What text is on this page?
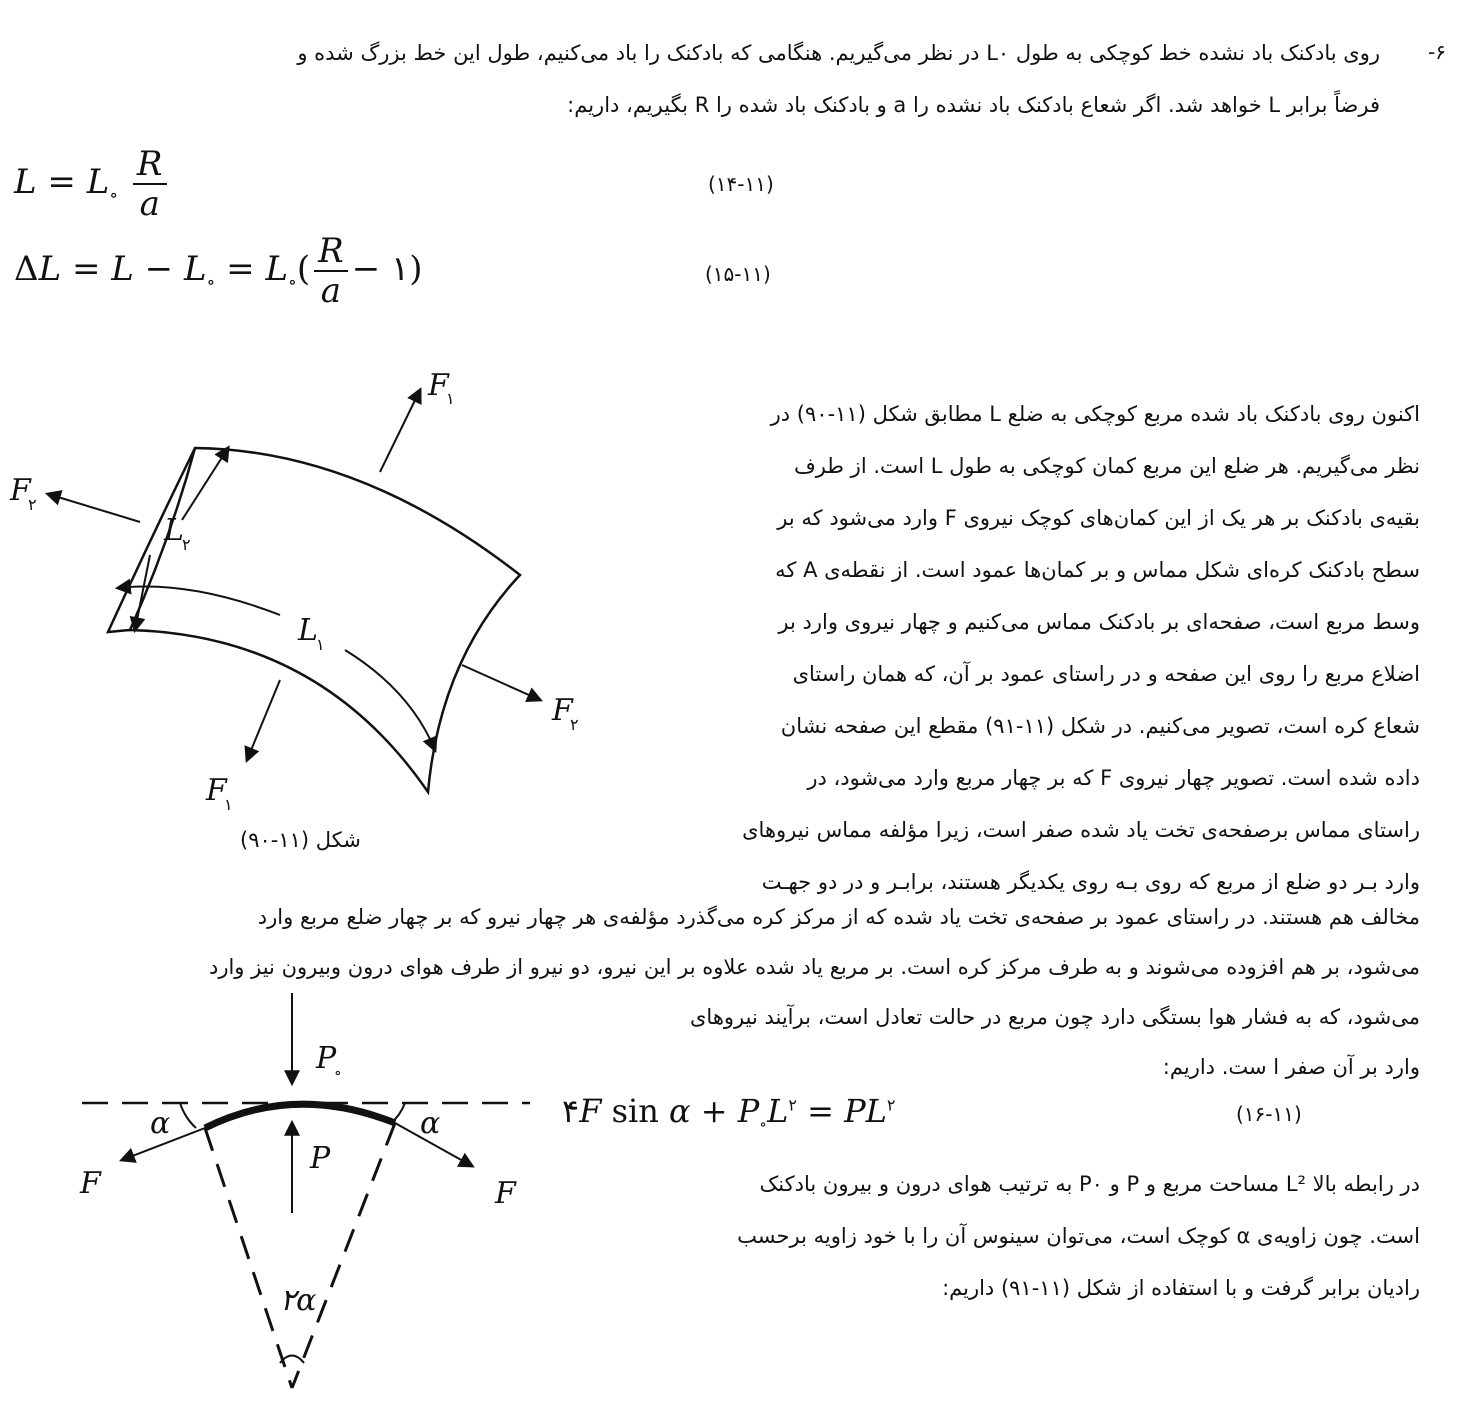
-۶
روی بادکنک باد نشده خط کوچکی به طول L۰ در نظر می‌گیریم. هنگامی که بادکنک را باد می‌کنیم، طول این خط بزرگ شده و
فرضاً برابر L خواهد شد. اگر شعاع بادکنک باد نشده را a و بادکنک باد شده را R بگیریم، داریم:
$L = L_\circ \frac{R}{a}$	(۱۴-۱۱)
$\Delta L = L - L_\circ = L_\circ( \frac{R}{a}$ − ۱)	(۱۵-۱۱)
F
۱
F
۲
L
۲
L
۱
F
۲
F
۱
شکل (۱۱-۹۰)
اکنون روی بادکنک باد شده مربع کوچکی به ضلع L مطابق شکل (۱۱-۹۰) در
نظر می‌گیریم. هر ضلع این مربع کمان کوچکی به طول L است. از طرف
بقیه‌ی بادکنک بر هر یک از این کمان‌های کوچک نیروی F وارد می‌شود که بر
سطح بادکنک کره‌ای شکل مماس و بر کمان‌ها عمود است. از نقطه‌ی A که
وسط مربع است، صفحه‌ای بر بادکنک مماس می‌کنیم و چهار نیروی وارد بر
اضلاع مربع را روی این صفحه و در راستای عمود بر آن، که همان راستای
شعاع کره است، تصویر می‌کنیم. در شکل (۱۱-۹۱) مقطع این صفحه نشان
داده شده است. تصویر چهار نیروی F که بر چهار مربع وارد می‌شود، در
راستای مماس برصفحه‌ی تخت یاد شده صفر است، زیرا مؤلفه مماس نیروهای
وارد بـر دو ضلع از مربع که روی بـه روی یکدیگر هستند، برابـر و در دو جهـت
مخالف هم هستند. در راستای عمود بر صفحه‌ی تخت یاد شده که از مرکز کره می‌گذرد مؤلفه‌ی هر چهار نیرو که بر چهار ضلع مربع وارد
می‌شود، بر هم افزوده می‌شوند و به طرف مرکز کره است. بر مربع یاد شده علاوه بر این نیرو، دو نیرو از طرف هوای درون وبیرون نیز وارد
می‌شود، که به فشار هوا بستگی دارد چون مربع در حالت تعادل است، برآیند نیروهای
وارد بر آن صفر ا ست. داریم:
P
∘
P
α	α
F	F
۲α
۴F $\sin \alpha + P_\circ L^۲ = PL^۲$	(۱۶-۱۱)
در رابطه بالا L² مساحت مربع و P و P۰ به ترتیب هوای درون و بیرون بادکنک
است. چون زاویه‌ی α کوچک است، می‌توان سینوس آن را با خود زاویه برحسب
رادیان برابر گرفت و با استفاده از شکل (۱۱-۹۱) داریم:
